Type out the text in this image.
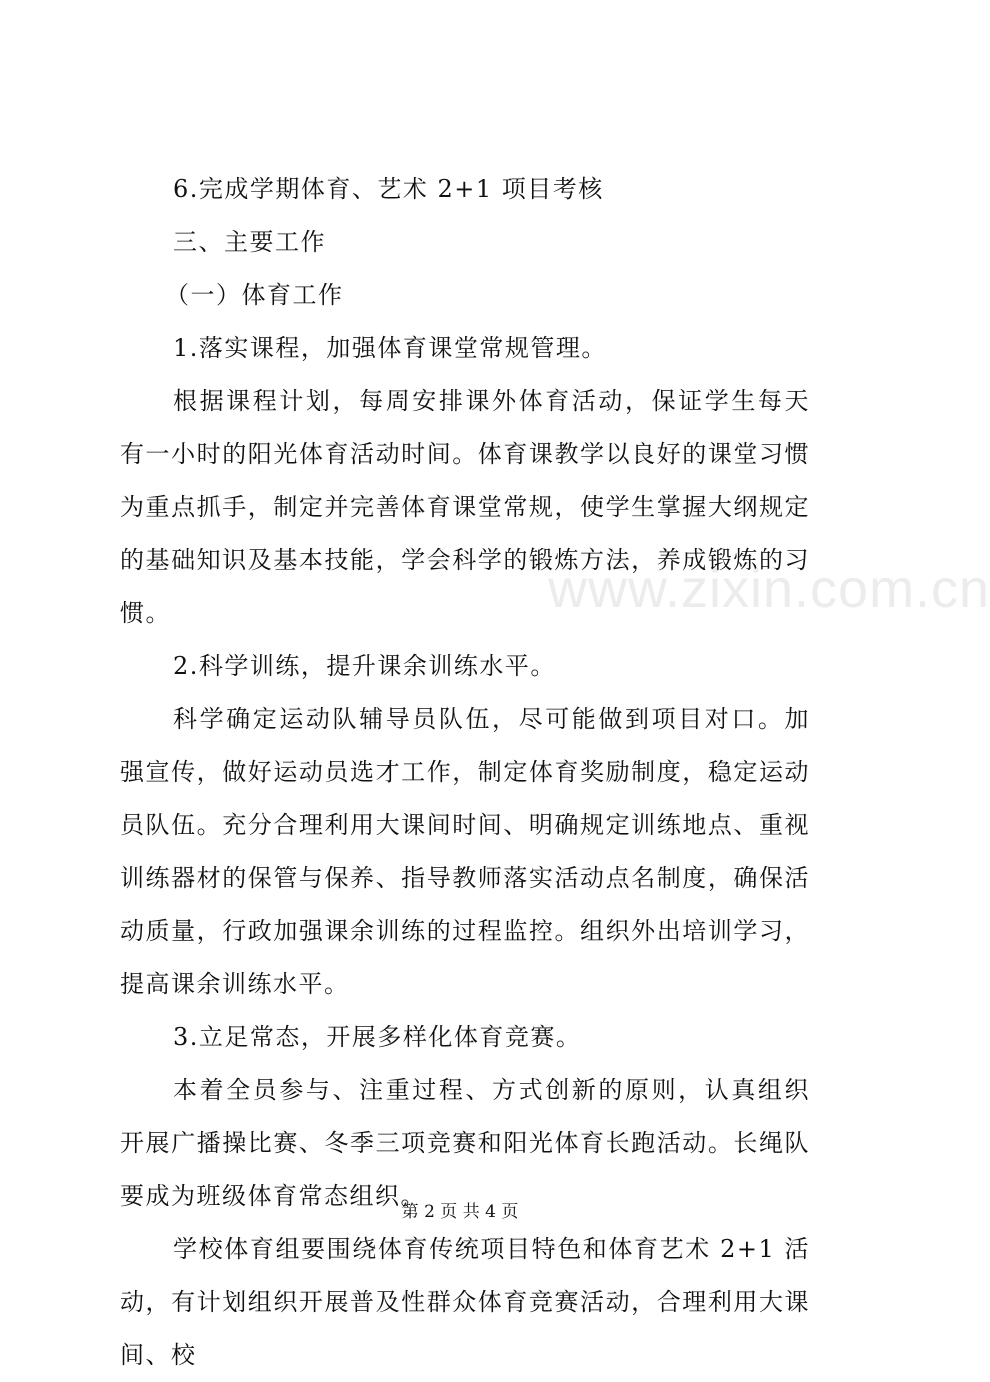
6.完成学期体育、艺术 2+1 项目考核

三、主要工作

（一）体育工作

1.落实课程，加强体育课堂常规管理。

根据课程计划，每周安排课外体育活动，保证学生每天有一小时的阳光体育活动时间。体育课教学以良好的课堂习惯为重点抓手，制定并完善体育课堂常规，使学生掌握大纲规定的基础知识及基本技能，学会科学的锻炼方法，养成锻炼的习惯。

2.科学训练，提升课余训练水平。

科学确定运动队辅导员队伍，尽可能做到项目对口。加强宣传，做好运动员选才工作，制定体育奖励制度，稳定运动员队伍。充分合理利用大课间时间、明确规定训练地点、重视训练器材的保管与保养、指导教师落实活动点名制度，确保活动质量，行政加强课余训练的过程监控。组织外出培训学习，提高课余训练水平。

3.立足常态，开展多样化体育竞赛。

本着全员参与、注重过程、方式创新的原则，认真组织开展广播操比赛、冬季三项竞赛和阳光体育长跑活动。长绳队要成为班级体育常态组织。

学校体育组要围绕体育传统项目特色和体育艺术 2+1 活动，有计划组织开展普及性群众体育竞赛活动，合理利用大课间、校

www.zixin.com.cn
第 2 页 共 4 页
